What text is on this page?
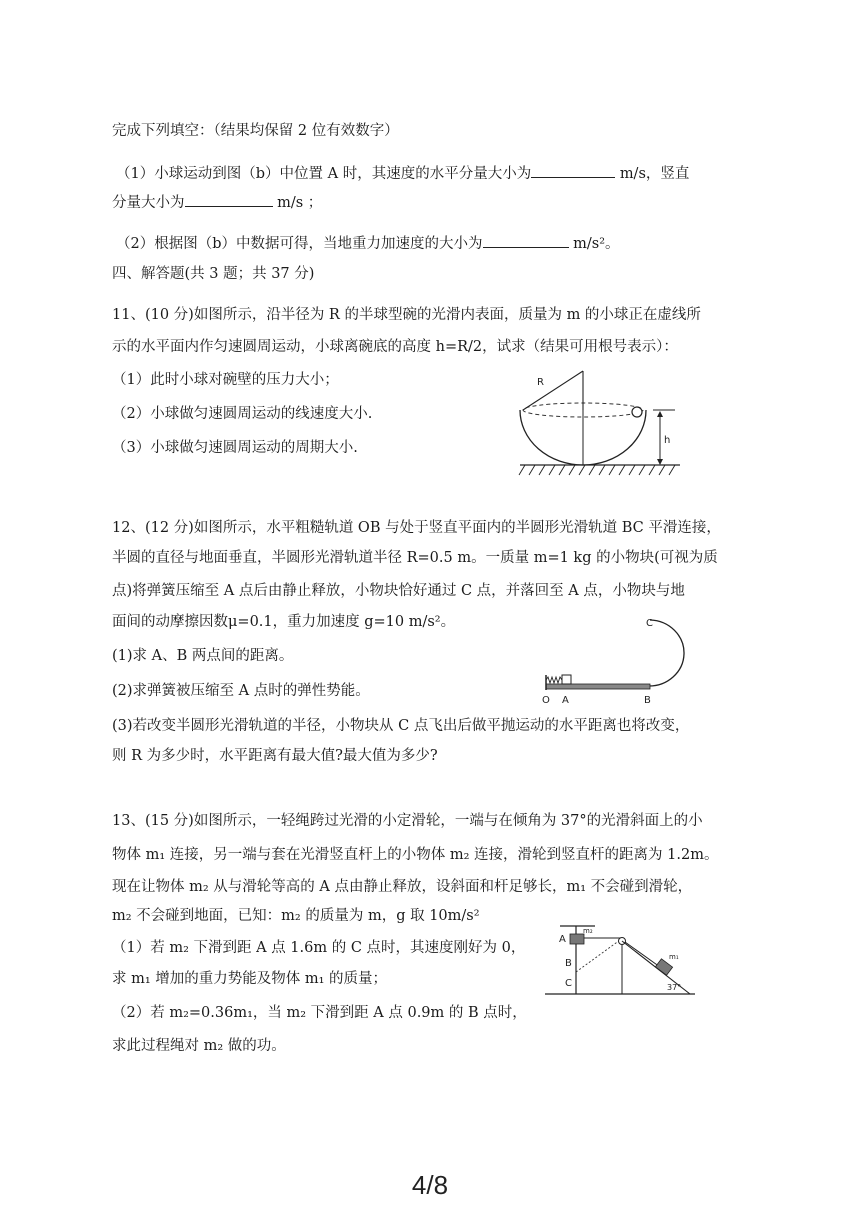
完成下列填空：（结果均保留 2 位有效数字）
（1）小球运动到图（b）中位置 A 时，其速度的水平分量大小为	m/s，竖直
分量大小为	m/s ；
（2）根据图（b）中数据可得，当地重力加速度的大小为	m/s²。
四、解答题(共 3 题；共 37 分)
11、(10 分)如图所示，沿半径为 R 的半球型碗的光滑内表面，质量为 m 的小球正在虚线所
示的水平面内作匀速圆周运动，小球离碗底的高度 h=R/2，试求（结果可用根号表示）：
（1）此时小球对碗壁的压力大小；
（2）小球做匀速圆周运动的线速度大小.
（3）小球做匀速圆周运动的周期大小.
R
h
12、(12 分)如图所示，水平粗糙轨道 OB 与处于竖直平面内的半圆形光滑轨道 BC 平滑连接，
半圆的直径与地面垂直，半圆形光滑轨道半径 R=0.5 m。一质量 m=1 kg 的小物块(可视为质
点)将弹簧压缩至 A 点后由静止释放，小物块恰好通过 C 点，并落回至 A 点，小物块与地
面间的动摩擦因数μ=0.1，重力加速度 g=10 m/s²。
(1)求 A、B 两点间的距离。
(2)求弹簧被压缩至 A 点时的弹性势能。
(3)若改变半圆形光滑轨道的半径，小物块从 C 点飞出后做平抛运动的水平距离也将改变，
则 R 为多少时，水平距离有最大值?最大值为多少?
C
O A	B
13、(15 分)如图所示，一轻绳跨过光滑的小定滑轮，一端与在倾角为 37°的光滑斜面上的小
物体 m₁ 连接，另一端与套在光滑竖直杆上的小物体 m₂ 连接，滑轮到竖直杆的距离为 1.2m。
现在让物体 m₂ 从与滑轮等高的 A 点由静止释放，设斜面和杆足够长，m₁ 不会碰到滑轮，
m₂ 不会碰到地面，已知：m₂ 的质量为 m，g 取 10m/s²
（1）若 m₂ 下滑到距 A 点 1.6m 的 C 点时，其速度刚好为 0，
求 m₁ 增加的重力势能及物体 m₁ 的质量；
（2）若 m₂=0.36m₁，当 m₂ 下滑到距 A 点 0.9m 的 B 点时，
求此过程绳对 m₂ 做的功。
A
B
C
m₂
m₁
37°
4/8
